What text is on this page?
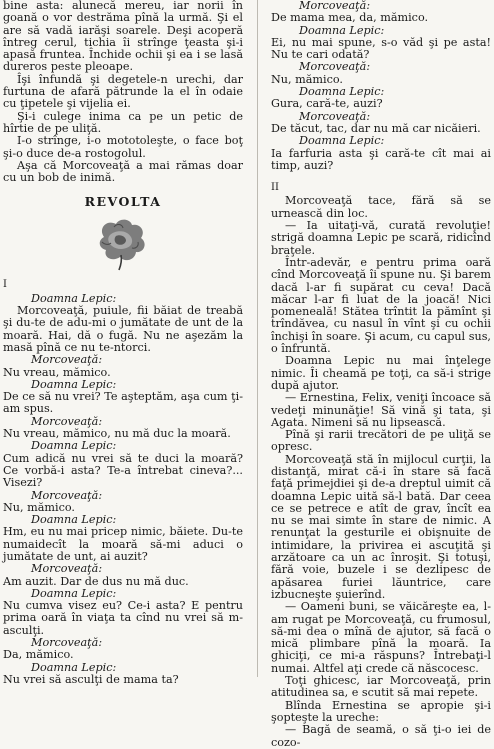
bine asta: alunecă mereu, iar norii în goană o vor destrăma pînă la urmă. Şi el are să vadă iarăşi soarele. Deşi acoperă întreg cerul, tichia îi strînge ţeasta şi-i apasă fruntea. Închide ochii şi ea i se lasă dureros peste pleoape.

Îşi înfundă şi degetele-n urechi, dar furtuna de afară pătrunde la el în odaie cu ţipetele şi vijelia ei.

Şi-i culege inima ca pe un petic de hîrtie de pe uliţă.

I-o strînge, i-o mototoleşte, o face boţ şi-o duce de-a rostogolul.

Aşa că Morcoveaţă a mai rămas doar cu un bob de inimă.

REVOLTA

I

Doamna Lepic:

Morcoveaţă, puiule, fii băiat de treabă şi du-te de adu-mi o jumătate de unt de la moară. Hai, dă o fugă. Nu ne aşezăm la masă pînă ce nu te-ntorci.

Morcoveaţă:

Nu vreau, mămico.

Doamna Lepic:

De ce să nu vrei? Te aşteptăm, aşa cum ţi-am spus.

Morcoveaţă:

Nu vreau, mămico, nu mă duc la moară.

Doamna Lepic:

Cum adică nu vrei să te duci la moară? Ce vorbă-i asta? Te-a întrebat cineva?... Visezi?

Morcoveaţă:

Nu, mămico.

Doamna Lepic:

Hm, eu nu mai pricep nimic, băiete. Du-te numaidecît la moară să-mi aduci o jumătate de unt, ai auzit?

Morcoveaţă:

Am auzit. Dar de dus nu mă duc.

Doamna Lepic:

Nu cumva visez eu? Ce-i asta? E pentru prima oară în viaţa ta cînd nu vrei să m-asculţi.

Morcoveaţă:

Da, mămico.

Doamna Lepic:

Nu vrei să asculţi de mama ta?

Morcoveaţă:

De mama mea, da, mămico.

Doamna Lepic:

Ei, nu mai spune, s-o văd şi pe asta! Nu te cari odată?

Morcoveaţă:

Nu, mămico.

Doamna Lepic:

Gura, cară-te, auzi?

Morcoveaţă:

De tăcut, tac, dar nu mă car nicăieri.

Doamna Lepic:

Ia farfuria asta şi cară-te cît mai ai timp, auzi?

II

Morcoveaţă tace, fără să se urnească din loc.

— Ia uitaţi-vă, curată revoluţie! strigă doamna Lepic pe scară, ridicînd braţele.

Într-adevăr, e pentru prima oară cînd Morcoveaţă îi spune nu. Şi barem dacă l-ar fi supărat cu ceva! Dacă măcar l-ar fi luat de la joacă! Nici pomeneală! Stătea trîntit la pămînt şi trîndăvea, cu nasul în vînt şi cu ochii închişi în soare. Şi acum, cu capul sus, o înfruntă.

Doamna Lepic nu mai înţelege nimic. Îi cheamă pe toţi, ca să-i strige după ajutor.

— Ernestina, Felix, veniţi încoace să vedeţi minunăţie! Să vină şi tata, şi Agata. Nimeni să nu lipsească.

Pînă şi rarii trecători de pe uliţă se opresc.

Morcoveaţă stă în mijlocul curţii, la distanţă, mirat că-i în stare să facă faţă primejdiei şi de-a dreptul uimit că doamna Lepic uită să-l bată. Dar ceea ce se petrece e atît de grav, încît ea nu se mai simte în stare de nimic. A renunţat la gesturile ei obişnuite de intimidare, la privirea ei ascuţită şi arzătoare ca un ac înroşit. Şi totuşi, fără voie, buzele i se dezlipesc de apăsarea furiei lăuntrice, care izbucneşte şuierînd.

— Oameni buni, se văicăreşte ea, l-am rugat pe Morcoveaţă, cu frumosul, să-mi dea o mînă de ajutor, să facă o mică plimbare pînă la moară. Ia ghiciţi, ce mi-a răspuns? Întrebaţi-l numai. Altfel aţi crede că născocesc.

Toţi ghicesc, iar Morcoveaţă, prin atitudinea sa, e scutit să mai repete.

Blînda Ernestina se apropie şi-i şopteşte la ureche:

— Bagă de seamă, o să ţi-o iei de cozo-
